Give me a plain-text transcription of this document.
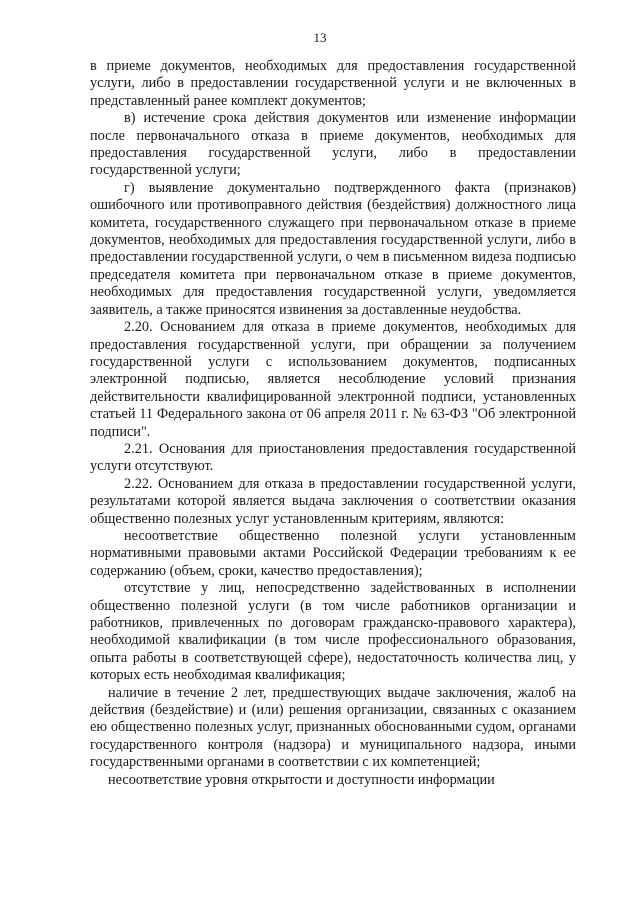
13

в приеме документов, необходимых для предоставления государственной услуги, либо в предоставлении государственной услуги и не включенных в представленный ранее комплект документов;

в) истечение срока действия документов или изменение информации после первоначального отказа в приеме документов, необходимых для предоставления государственной услуги, либо в предоставлении государственной услуги;

г) выявление документально подтвержденного факта (признаков) ошибочного или противоправного действия (бездействия) должностного лица комитета, государственного служащего при первоначальном отказе в приеме документов, необходимых для предоставления государственной услуги, либо в предоставлении государственной услуги, о чем в письменном видеза подписью председателя комитета при первоначальном отказе в приеме документов, необходимых для предоставления государственной услуги, уведомляется заявитель, а также приносятся извинения за доставленные неудобства.

2.20. Основанием для отказа в приеме документов, необходимых для предоставления государственной услуги, при обращении за получением государственной услуги с использованием документов, подписанных электронной подписью, является несоблюдение условий признания действительности квалифицированной электронной подписи, установленных статьей 11 Федерального закона от 06 апреля 2011 г. № 63-ФЗ "Об электронной подписи".

2.21. Основания для приостановления предоставления государственной услуги отсутствуют.

2.22. Основанием для отказа в предоставлении государственной услуги, результатами которой является выдача заключения о соответствии оказания общественно полезных услуг установленным критериям, являются:

несоответствие общественно полезной услуги установленным нормативными правовыми актами Российской Федерации требованиям к ее содержанию (объем, сроки, качество предоставления);

отсутствие у лиц, непосредственно задействованных в исполнении общественно полезной услуги (в том числе работников организации и работников, привлеченных по договорам гражданско-правового характера), необходимой квалификации (в том числе профессионального образования, опыта работы в соответствующей сфере), недостаточность количества лиц, у которых есть необходимая квалификация;

наличие в течение 2 лет, предшествующих выдаче заключения, жалоб на действия (бездействие) и (или) решения организации, связанных с оказанием ею общественно полезных услуг, признанных обоснованными судом, органами государственного контроля (надзора) и муниципального надзора, иными государственными органами в соответствии с их компетенцией;

несоответствие уровня открытости и доступности информации
